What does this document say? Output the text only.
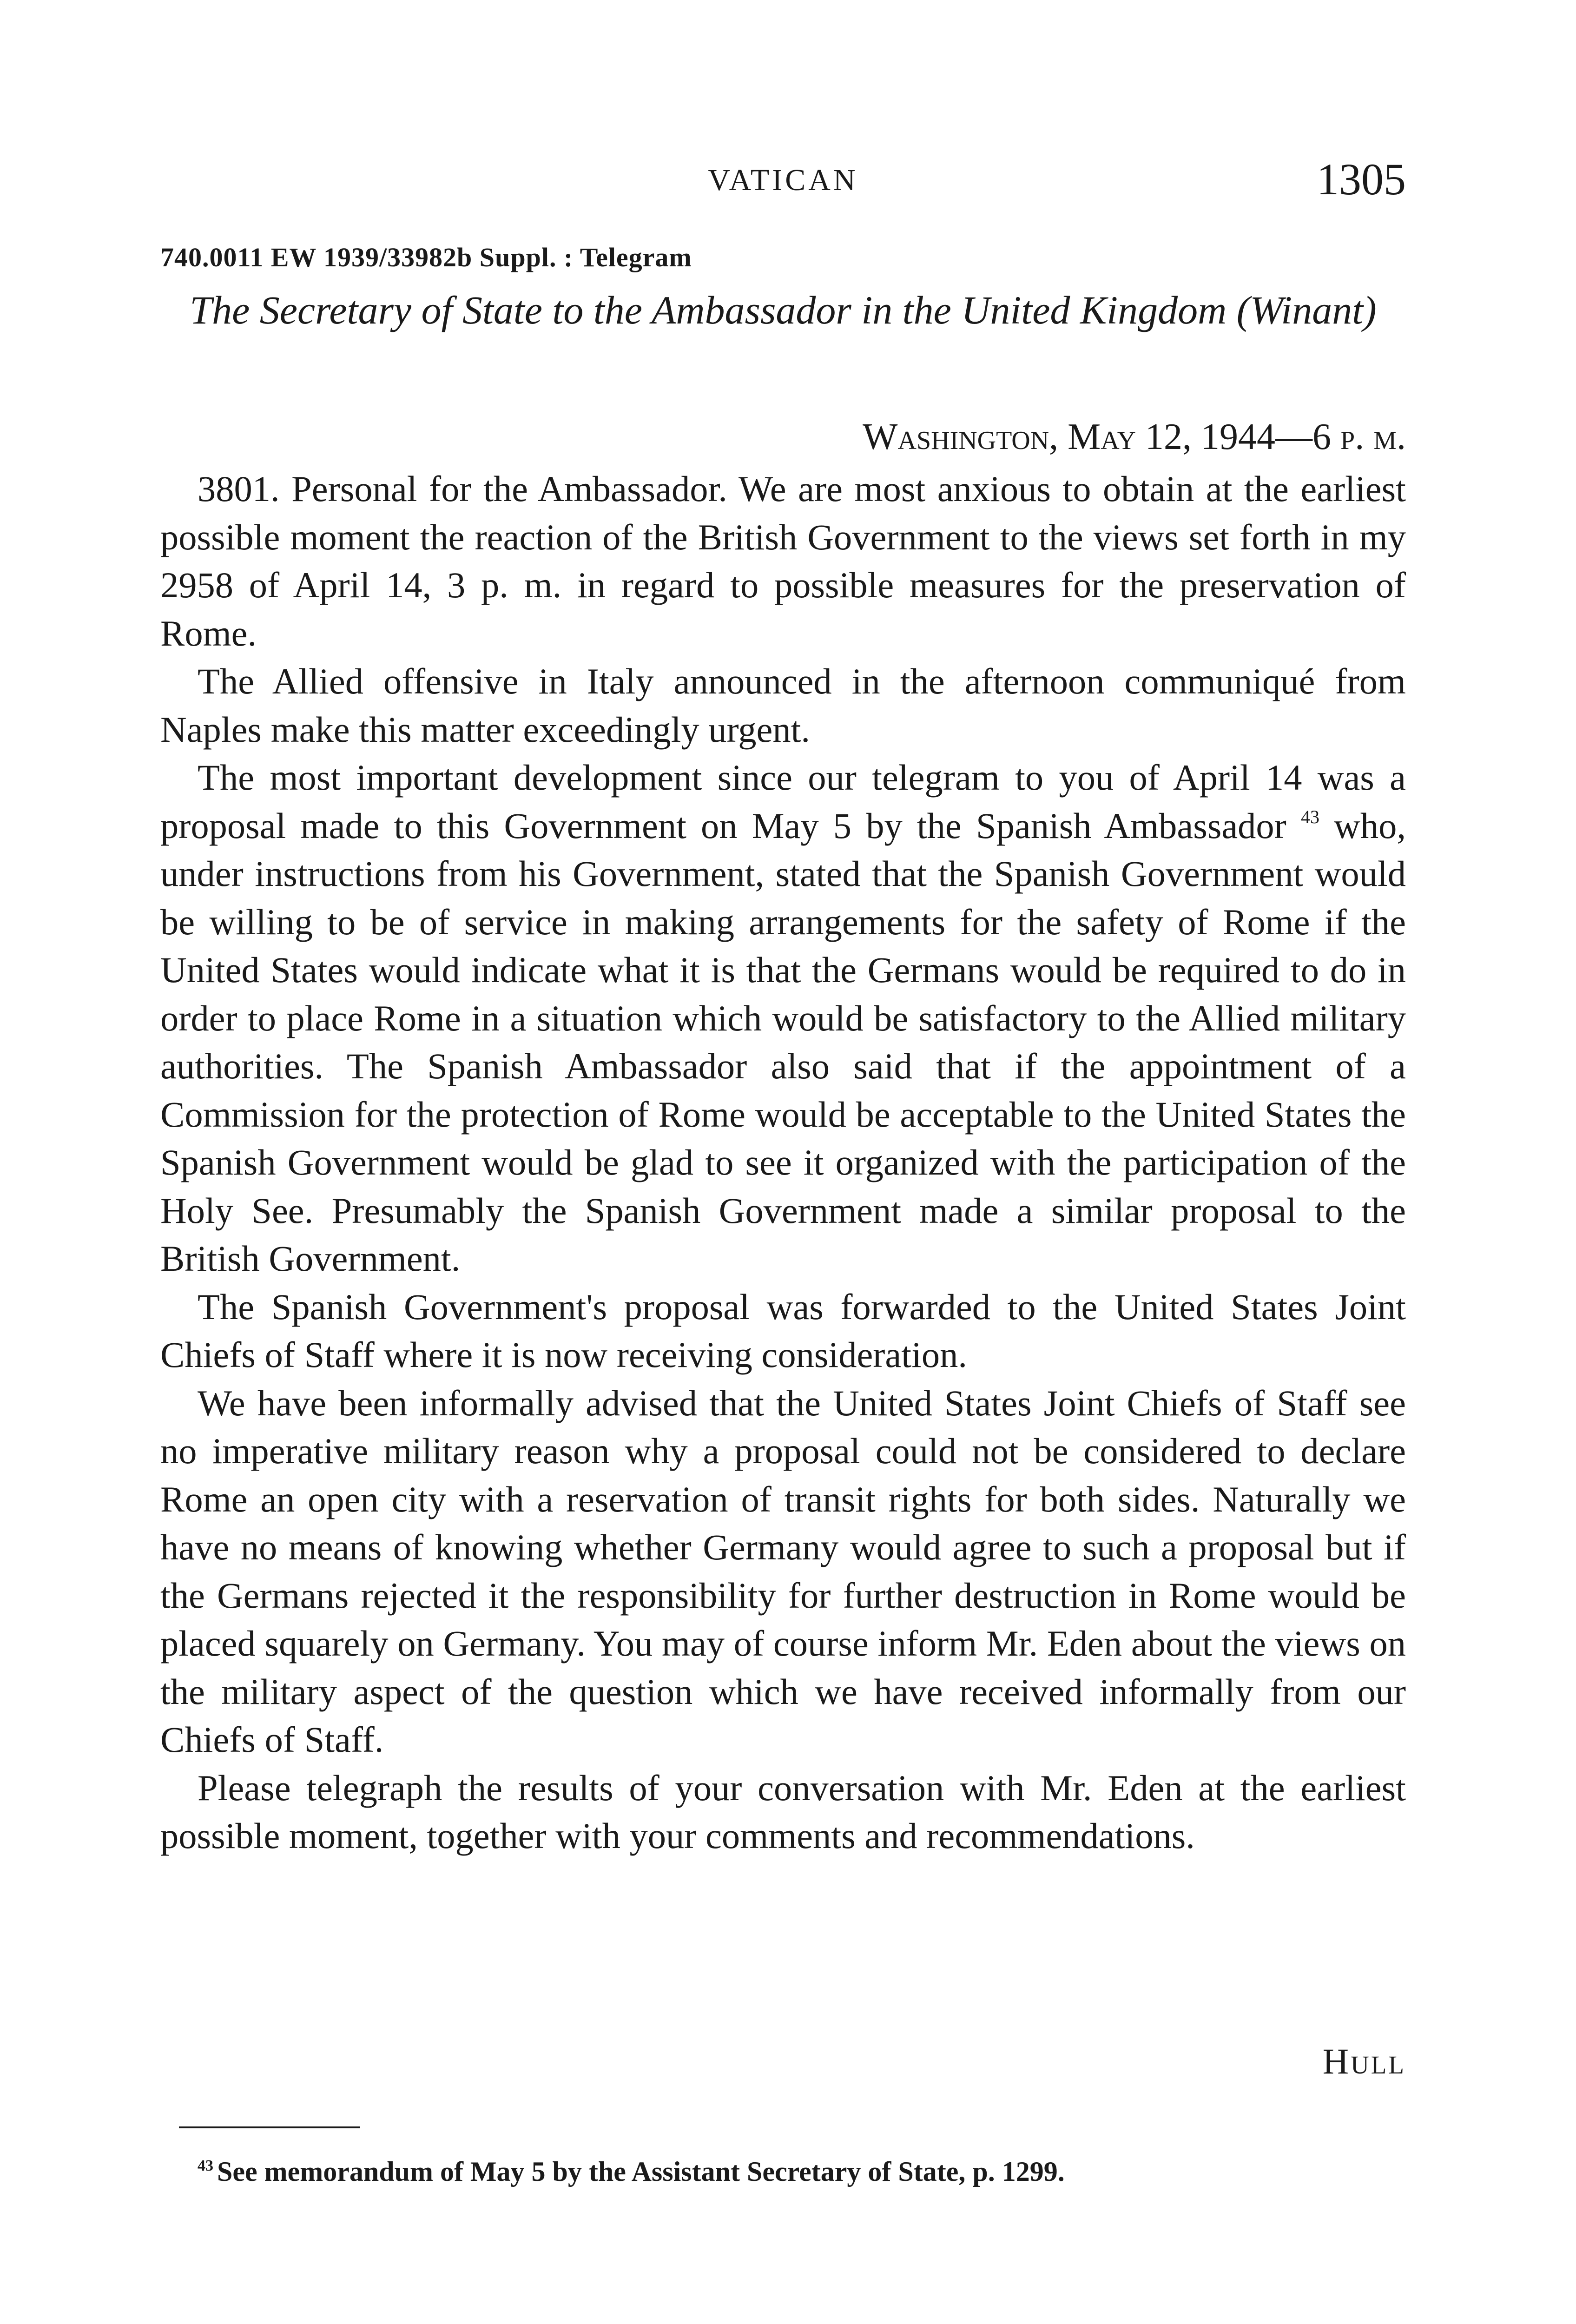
VATICAN	1305
740.0011 EW 1939/33982b Suppl. : Telegram
The Secretary of State to the Ambassador in the United Kingdom (Winant)
Washington, May 12, 1944—6 p. m.

3801. Personal for the Ambassador. We are most anxious to obtain at the earliest possible moment the reaction of the British Government to the views set forth in my 2958 of April 14, 3 p. m. in regard to possible measures for the preservation of Rome.

The Allied offensive in Italy announced in the afternoon communiqué from Naples make this matter exceedingly urgent.

The most important development since our telegram to you of April 14 was a proposal made to this Government on May 5 by the Spanish Ambassador $^{43}$ who, under instructions from his Government, stated that the Spanish Government would be willing to be of service in making arrangements for the safety of Rome if the United States would indicate what it is that the Germans would be required to do in order to place Rome in a situation which would be satisfactory to the Allied military authorities. The Spanish Ambassador also said that if the appointment of a Commission for the protection of Rome would be acceptable to the United States the Spanish Government would be glad to see it organized with the participation of the Holy See. Presumably the Spanish Government made a similar proposal to the British Government.

The Spanish Government's proposal was forwarded to the United States Joint Chiefs of Staff where it is now receiving consideration.

We have been informally advised that the United States Joint Chiefs of Staff see no imperative military reason why a proposal could not be considered to declare Rome an open city with a reservation of transit rights for both sides. Naturally we have no means of knowing whether Germany would agree to such a proposal but if the Germans rejected it the responsibility for further destruction in Rome would be placed squarely on Germany. You may of course inform Mr. Eden about the views on the military aspect of the question which we have received informally from our Chiefs of Staff.

Please telegraph the results of your conversation with Mr. Eden at the earliest possible moment, together with your comments and recommendations.

Hull
$^{43}$ See memorandum of May 5 by the Assistant Secretary of State, p. 1299.
